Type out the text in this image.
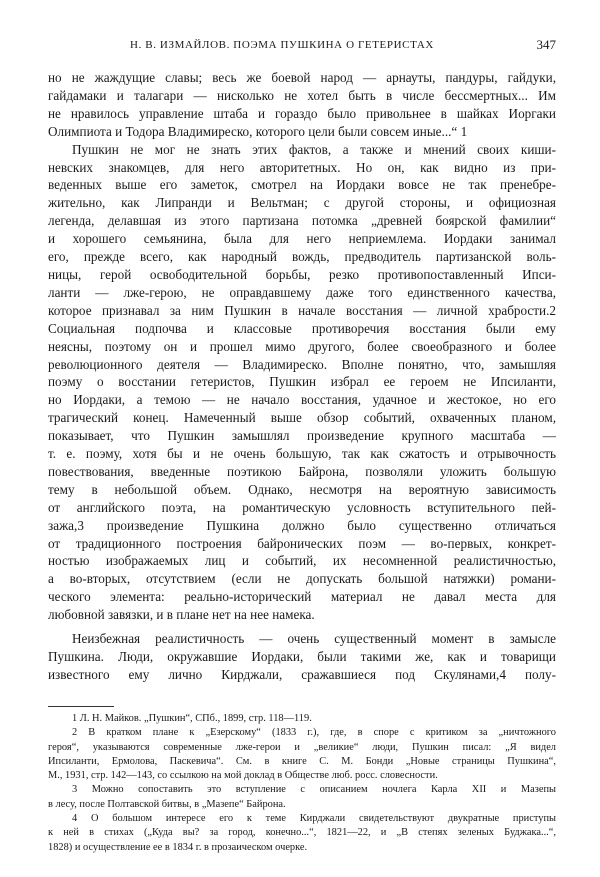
Н. В. ИЗМАЙЛОВ. ПОЭМА ПУШКИНА О ГЕТЕРИСТАХ	347

но не жаждущие славы; весь же боевой народ — арнауты, пандуры, гайдуки,

гайдамаки и талагари — нисколько не хотел быть в числе бессмертных... Им

не нравилось управление штаба и гораздо было привольнее в шайках Иоргаки

Олимпиота и Тодора Владимиреско, которого цели были совсем иные...“ 1

Пушкин не мог не знать этих фактов, а также и мнений своих киши-

невских знакомцев, для него авторитетных. Но он, как видно из при-

веденных выше его заметок, смотрел на Иордаки вовсе не так пренебре-

жительно, как Липранди и Вельтман; с другой стороны, и официозная

легенда, делавшая из этого партизана потомка „древней боярской фамилии“

и хорошего семьянина, была для него неприемлема. Иордаки занимал

его, прежде всего, как народный вождь, предводитель партизанской воль-

ницы, герой освободительной борьбы, резко противопоставленный Ипси-

ланти — лже-герою, не оправдавшему даже того единственного качества,

которое признавал за ним Пушкин в начале восстания — личной храбрости.2

Социальная подпочва и классовые противоречия восстания были ему

неясны, поэтому он и прошел мимо другого, более своеобразного и более

революционного деятеля — Владимиреско. Вполне понятно, что, замышляя

поэму о восстании гетеристов, Пушкин избрал ее героем не Ипсиланти,

но Иордаки, а темою — не начало восстания, удачное и жестокое, но его

трагический конец. Намеченный выше обзор событий, охваченных планом,

показывает, что Пушкин замышлял произведение крупного масштаба —

т. е. поэму, хотя бы и не очень большую, так как сжатость и отрывочность

повествования, введенные поэтикою Байрона, позволяли уложить большую

тему в небольшой объем. Однако, несмотря на вероятную зависимость

от английского поэта, на романтическую условность вступительного пей-

зажа,3 произведение Пушкина должно было существенно отличаться

от традиционного построения байронических поэм — во-первых, конкрет-

ностью изображаемых лиц и событий, их несомненной реалистичностью,

а во-вторых, отсутствием (если не допускать большой натяжки) романи-

ческого элемента: реально-исторический материал не давал места для

любовной завязки, и в плане нет на нее намека.

Неизбежная реалистичность — очень существенный момент в замысле

Пушкина. Люди, окружавшие Иордаки, были такими же, как и товарищи

известного ему лично Кирджали, сражавшиеся под Скулянами,4 полу-

1 Л. Н. Майков. „Пушкин“, СПб., 1899, стр. 118—119.

2 В кратком плане к „Езерскому“ (1833 г.), где, в споре с критиком за „ничтожного

героя“, указываются современные лже-герои и „великие“ люди, Пушкин писал: „Я видел

Ипсиланти, Ермолова, Паскевича“. См. в книге С. М. Бонди „Новые страницы Пушкина“,

М., 1931, стр. 142—143, со ссылкою на мой доклад в Обществе люб. росс. словесности.

3 Можно сопоставить это вступление с описанием ночлега Карла XII и Мазепы

в лесу, после Полтавской битвы, в „Мазепе“ Байрона.

4 О большом интересе его к теме Кирджали свидетельствуют двукратные приступы

к ней в стихах („Куда вы? за город, конечно...“, 1821—22, и „В степях зеленых Буджака...“,

1828) и осуществление ее в 1834 г. в прозаическом очерке.
